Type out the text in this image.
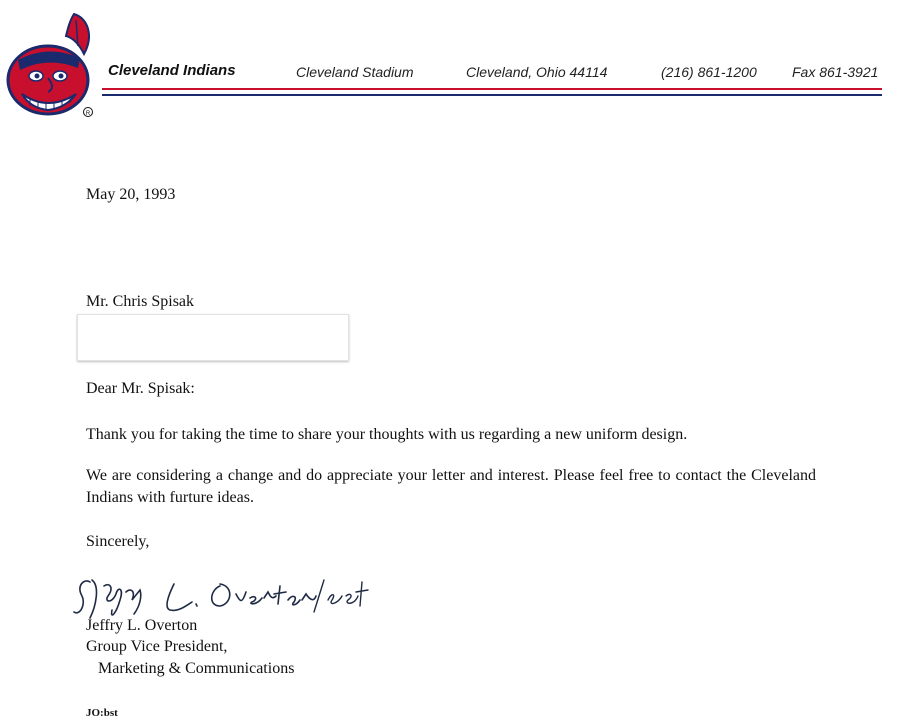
R
Cleveland Indians	Cleveland Stadium	Cleveland, Ohio 44114	(216) 861-1200	Fax 861-3921
May 20, 1993
Mr. Chris Spisak
Dear Mr. Spisak:
Thank you for taking the time to share your thoughts with us regarding a new uniform design.
We are considering a change and do appreciate your letter and interest. Please feel free to contact the Cleveland Indians with furture ideas.
Sincerely,
Jeffry L. Overton
Group Vice President,
Marketing & Communications
JO:bst
